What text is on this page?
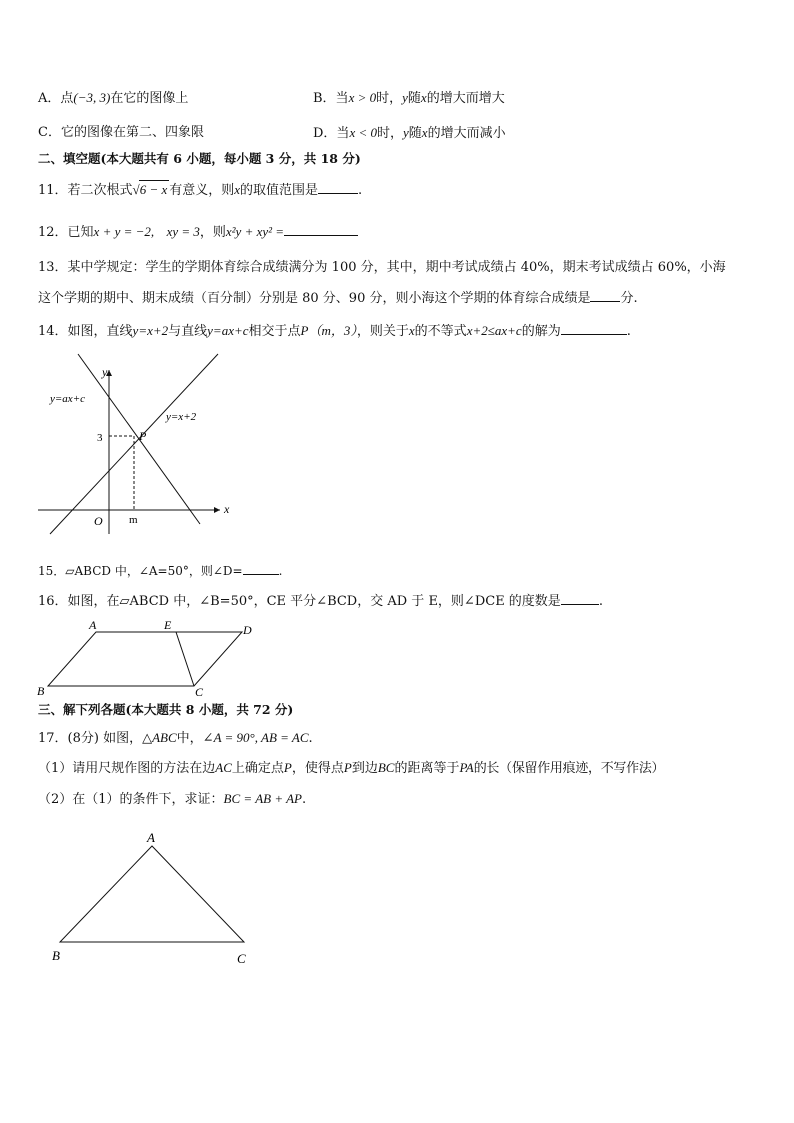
A．点(−3, 3)在它的图像上	B．当x > 0时，y随x的增大而增大
C．它的图像在第二、四象限	D．当x < 0时，y随x的增大而减小
二、填空题(本大题共有 6 小题，每小题 3 分，共 18 分)
11．若二次根式√6 − x 有意义，则x的取值范围是	.
12．已知x + y = −2, xy = 3，则x²y + xy² =
13．某中学规定：学生的学期体育综合成绩满分为 100 分，其中，期中考试成绩占 40%，期末考试成绩占 60%，小海
这个学期的期中、期末成绩（百分制）分别是 80 分、90 分，则小海这个学期的体育综合成绩是 分.
14．如图，直线y=x+2与直线y=ax+c相交于点P（m，3），则关于x的不等式x+2≤ax+c的解为	.
y
x
O m
3	P
y=ax+c
y=x+2
15．▱ABCD 中，∠A=50°，则∠D=	.
16．如图，在▱ABCD 中，∠B=50°，CE 平分∠BCD，交 AD 于 E，则∠DCE 的度数是	.
A	E	D
B	C
三、解下列各题(本大题共 8 小题，共 72 分)
17．(8分) 如图，△ABC中，∠A = 90°, AB = AC.
（1）请用尺规作图的方法在边AC上确定点P，使得点P到边BC的距离等于PA的长（保留作用痕迹，不写作法）
（2）在（1）的条件下，求证：BC = AB + AP.
A
B	C
